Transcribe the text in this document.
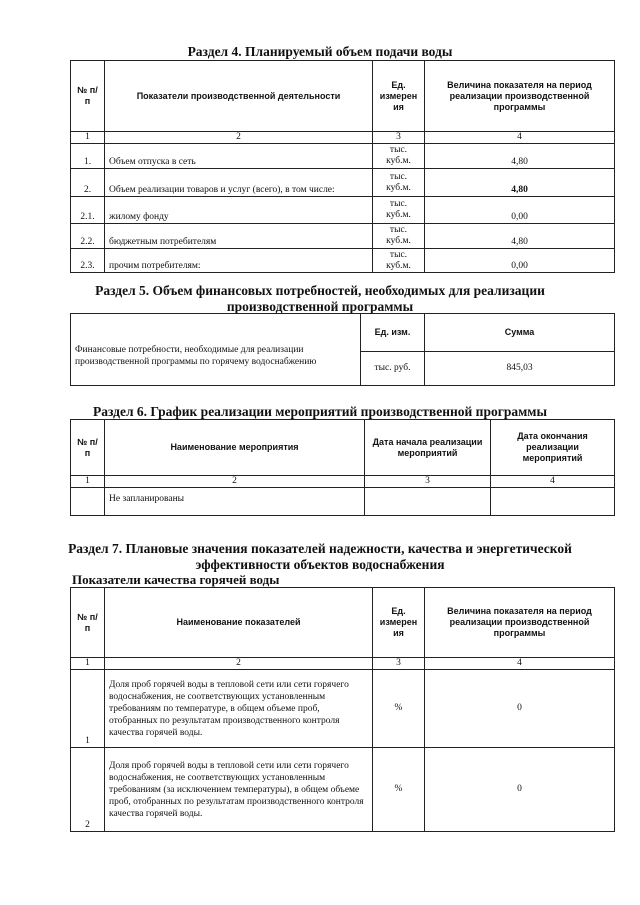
Раздел 4. Планируемый объем подачи воды
№ п/п	Показатели производственной деятельности	Ед. измерен ия	Величина показателя на период реализации производственной программы
1	2	3	4
1.	Объем отпуска в сеть	тыс. куб.м.	4,80
2.	Объем реализации товаров и услуг (всего), в том числе:	тыс. куб.м.	4,80
2.1.	жилому фонду	тыс. куб.м.	0,00
2.2.	бюджетным потребителям	тыс. куб.м.	4,80
2.3.	прочим потребителям:	тыс. куб.м.	0,00
Раздел 5. Объем финансовых потребностей, необходимых для реализации
производственной программы
Финансовые потребности, необходимые для реализации производственной программы по горячему водоснабжению	Ед. изм.	Сумма
	тыс. руб.	845,03
Раздел 6. График реализации мероприятий производственной программы
№ п/п	Наименование мероприятия	Дата начала реализации мероприятий	Дата окончания реализации мероприятий
1	2	3	4
	Не запланированы		
Раздел 7. Плановые значения показателей надежности, качества и энергетической
эффективности объектов водоснабжения
Показатели качества горячей воды
№ п/п	Наименование показателей	Ед. измерен ия	Величина показателя на период реализации производственной программы
1	2	3	4
1	Доля проб горячей воды в тепловой сети или сети горячего водоснабжения, не соответствующих установленным требованиям по температуре, в общем объеме проб, отобранных по результатам производственного контроля качества горячей воды.	%	0
2	Доля проб горячей воды в тепловой сети или сети горячего водоснабжения, не соответствующих установленным требованиям (за исключением температуры), в общем объеме проб, отобранных по результатам производственного контроля качества горячей воды.	%	0
